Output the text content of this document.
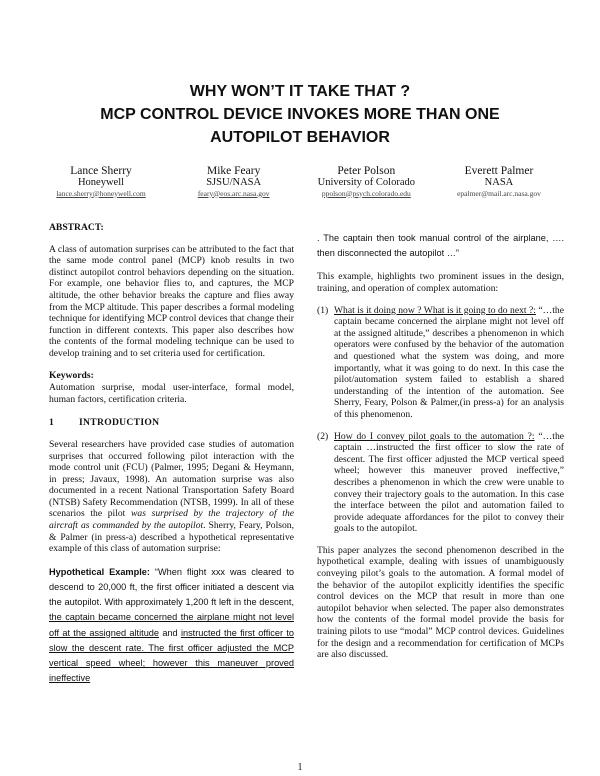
WHY WON’T IT TAKE THAT ?
MCP CONTROL DEVICE INVOKES MORE THAN ONE
AUTOPILOT BEHAVIOR
Lance Sherry
Honeywell
lance.sherry@honeywell.com
Mike Feary
SJSU/NASA
feary@eos.arc.nasa.gov
Peter Polson
University of Colorado
ppolson@psych.colorado.edu
Everett Palmer
NASA
epalmer@mail.arc.nasa.gov
ABSTRACT:

A class of automation surprises can be attributed to the fact that the same mode control panel (MCP) knob results in two distinct autopilot control behaviors depending on the situation. For example, one behavior flies to, and captures, the MCP altitude, the other behavior breaks the capture and flies away from the MCP altitude. This paper describes a formal modeling technique for identifying MCP control devices that change their function in different contexts. This paper also describes how the contents of the formal modeling technique can be used to develop training and to set criteria used for certification.

Keywords:

Automation surprise, modal user-interface, formal model, human factors, certification criteria.

1	INTRODUCTION

Several researchers have provided case studies of automation surprises that occurred following pilot interaction with the mode control unit (FCU) (Palmer, 1995; Degani & Heymann, in press; Javaux, 1998). An automation surprise was also documented in a recent National Transportation Safety Board (NTSB) Safety Recommendation (NTSB, 1999). In all of these scenarios the pilot was surprised by the trajectory of the aircraft as commanded by the autopilot. Sherry, Feary, Polson, & Palmer (in press-a) described a hypothetical representative example of this class of automation surprise:

Hypothetical Example: “When flight xxx was cleared to descend to 20,000 ft, the first officer initiated a descent via the autopilot. With approximately 1,200 ft left in the descent, the captain became concerned the airplane might not level off at the assigned altitude and instructed the first officer to slow the descent rate. The first officer adjusted the MCP vertical speed wheel; however this maneuver proved ineffective

. The captain then took manual control of the airplane, …. then disconnected the autopilot …”

This example, highlights two prominent issues in the design, training, and operation of complex automation:

(1) What is it doing now ? What is it going to do next ?: “…the captain became concerned the airplane might not level off at the assigned altitude,” describes a phenomenon in which operators were confused by the behavior of the automation and questioned what the system was doing, and more importantly, what it was going to do next. In this case the pilot/automation system failed to establish a shared understanding of the intention of the automation. See Sherry, Feary, Polson & Palmer,(in press-a) for an analysis of this phenomenon.
(2) How do I convey pilot goals to the automation ?: “…the captain …instructed the first officer to slow the rate of descent. The first officer adjusted the MCP vertical speed wheel; however this maneuver proved ineffective,” describes a phenomenon in which the crew were unable to convey their trajectory goals to the automation. In this case the interface between the pilot and automation failed to provide adequate affordances for the pilot to convey their goals to the autopilot.

This paper analyzes the second phenomenon described in the hypothetical example, dealing with issues of unambiguously conveying pilot’s goals to the automation. A formal model of the behavior of the autopilot explicitly identifies the specific control devices on the MCP that result in more than one autopilot behavior when selected. The paper also demonstrates how the contents of the formal model provide the basis for training pilots to use “modal” MCP control devices. Guidelines for the design and a recommendation for certification of MCPs are also discussed.

1
